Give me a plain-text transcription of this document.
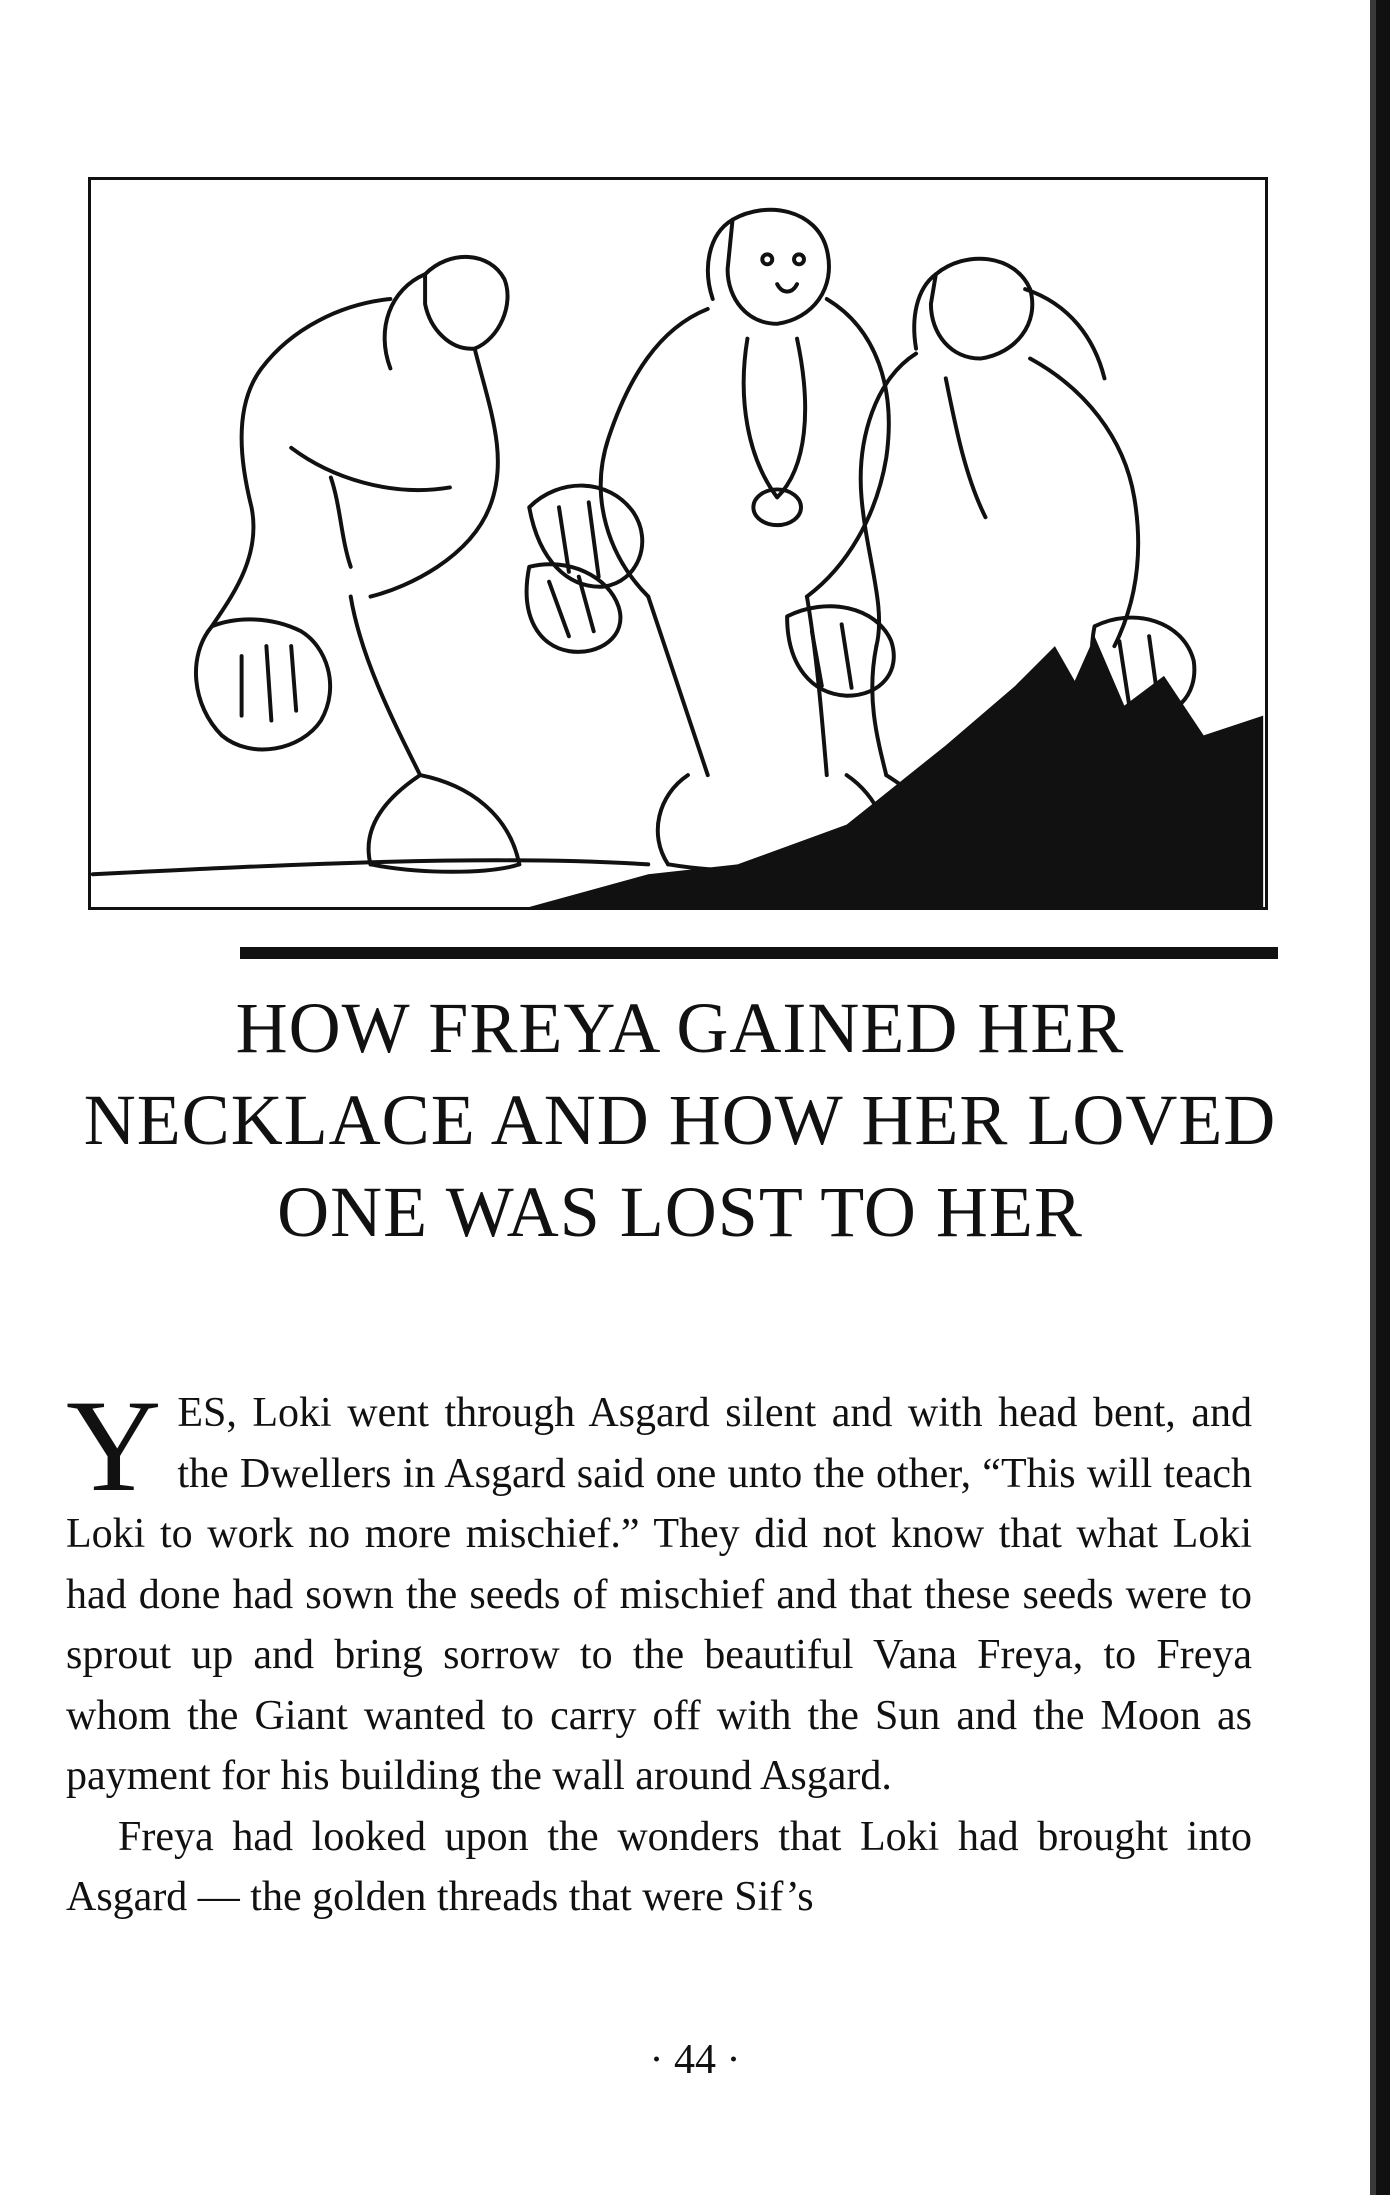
HOW FREYA GAINED HER
NECKLACE AND HOW HER LOVED
ONE WAS LOST TO HER

YES, Loki went through Asgard silent and with head bent, and the Dwellers in Asgard said one unto the other, “This will teach Loki to work no more mischief.” They did not know that what Loki had done had sown the seeds of mischief and that these seeds were to sprout up and bring sorrow to the beautiful Vana Freya, to Freya whom the Giant wanted to carry off with the Sun and the Moon as payment for his building the wall around Asgard.

Freya had looked upon the wonders that Loki had brought into Asgard — the golden threads that were Sif’s

· 44 ·
